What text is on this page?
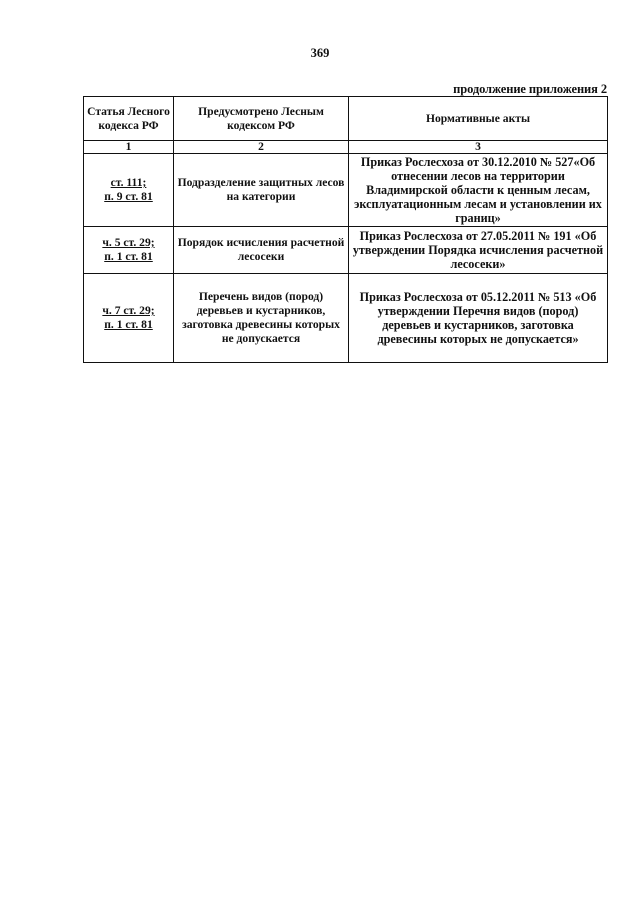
369
продолжение приложения 2
Статья Лесного кодекса РФ	Предусмотрено Лесным кодексом РФ	Нормативные акты
1	2	3

ст. 111;
п. 9 ст. 81	Подразделение защитных лесов на категории	Приказ Рослесхоза от 30.12.2010 № 527«Об отнесении лесов на территории Владимирской области к ценным лесам, эксплуатационным лесам и установлении их границ»

ч. 5 ст. 29;
п. 1 ст. 81	Порядок исчисления расчетной лесосеки	Приказ Рослесхоза от 27.05.2011 № 191 «Об утверждении Порядка исчисления расчетной лесосеки»

ч. 7 ст. 29;
п. 1 ст. 81	Перечень видов (пород) деревьев и кустарников, заготовка древесины которых не допускается	Приказ Рослесхоза от 05.12.2011 № 513 «Об утверждении Перечня видов (пород) деревьев и кустарников, заготовка древесины которых не допускается»
